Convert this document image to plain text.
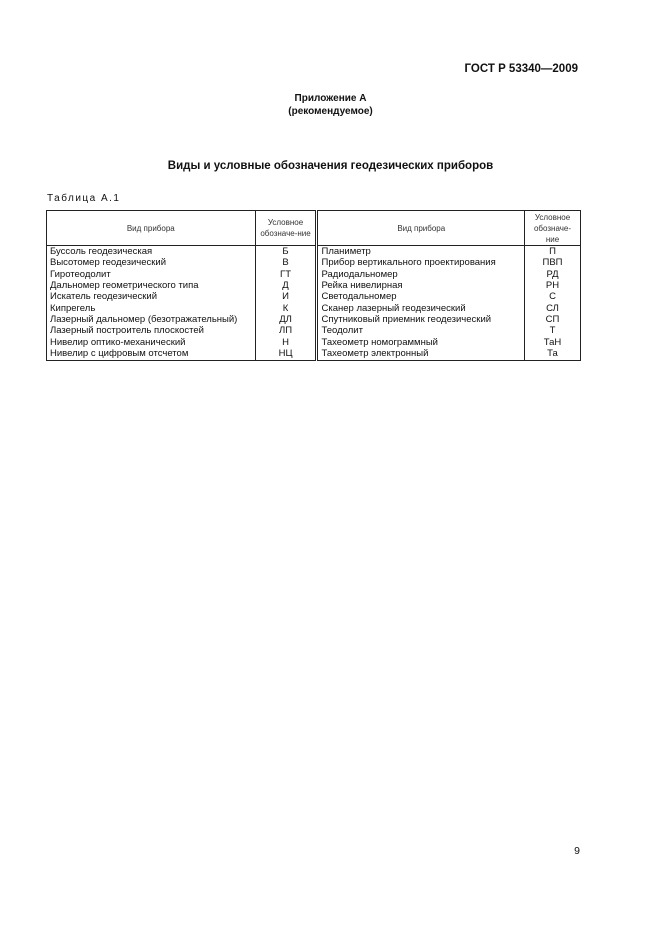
ГОСТ Р 53340—2009
Приложение А
(рекомендуемое)
Виды и условные обозначения геодезических приборов
Таблица А.1
Вид прибора	Условное обозначе-ние	Вид прибора	Условное обозначе-ние
Буссоль геодезическая	Б	Планиметр	П
Высотомер геодезический	В	Прибор вертикального проектирования	ПВП
Гиротеодолит	ГТ	Радиодальномер	РД
Дальномер геометрического типа	Д	Рейка нивелирная	РН
Искатель геодезический	И	Светодальномер	С
Кипрегель	К	Сканер лазерный геодезический	СЛ
Лазерный дальномер (безотражательный)	ДЛ	Спутниковый приемник геодезический	СП
Лазерный построитель плоскостей	ЛП	Теодолит	Т
Нивелир оптико-механический	Н	Тахеометр номограммный	ТаН
Нивелир с цифровым отсчетом	НЦ	Тахеометр электронный	Та
9
